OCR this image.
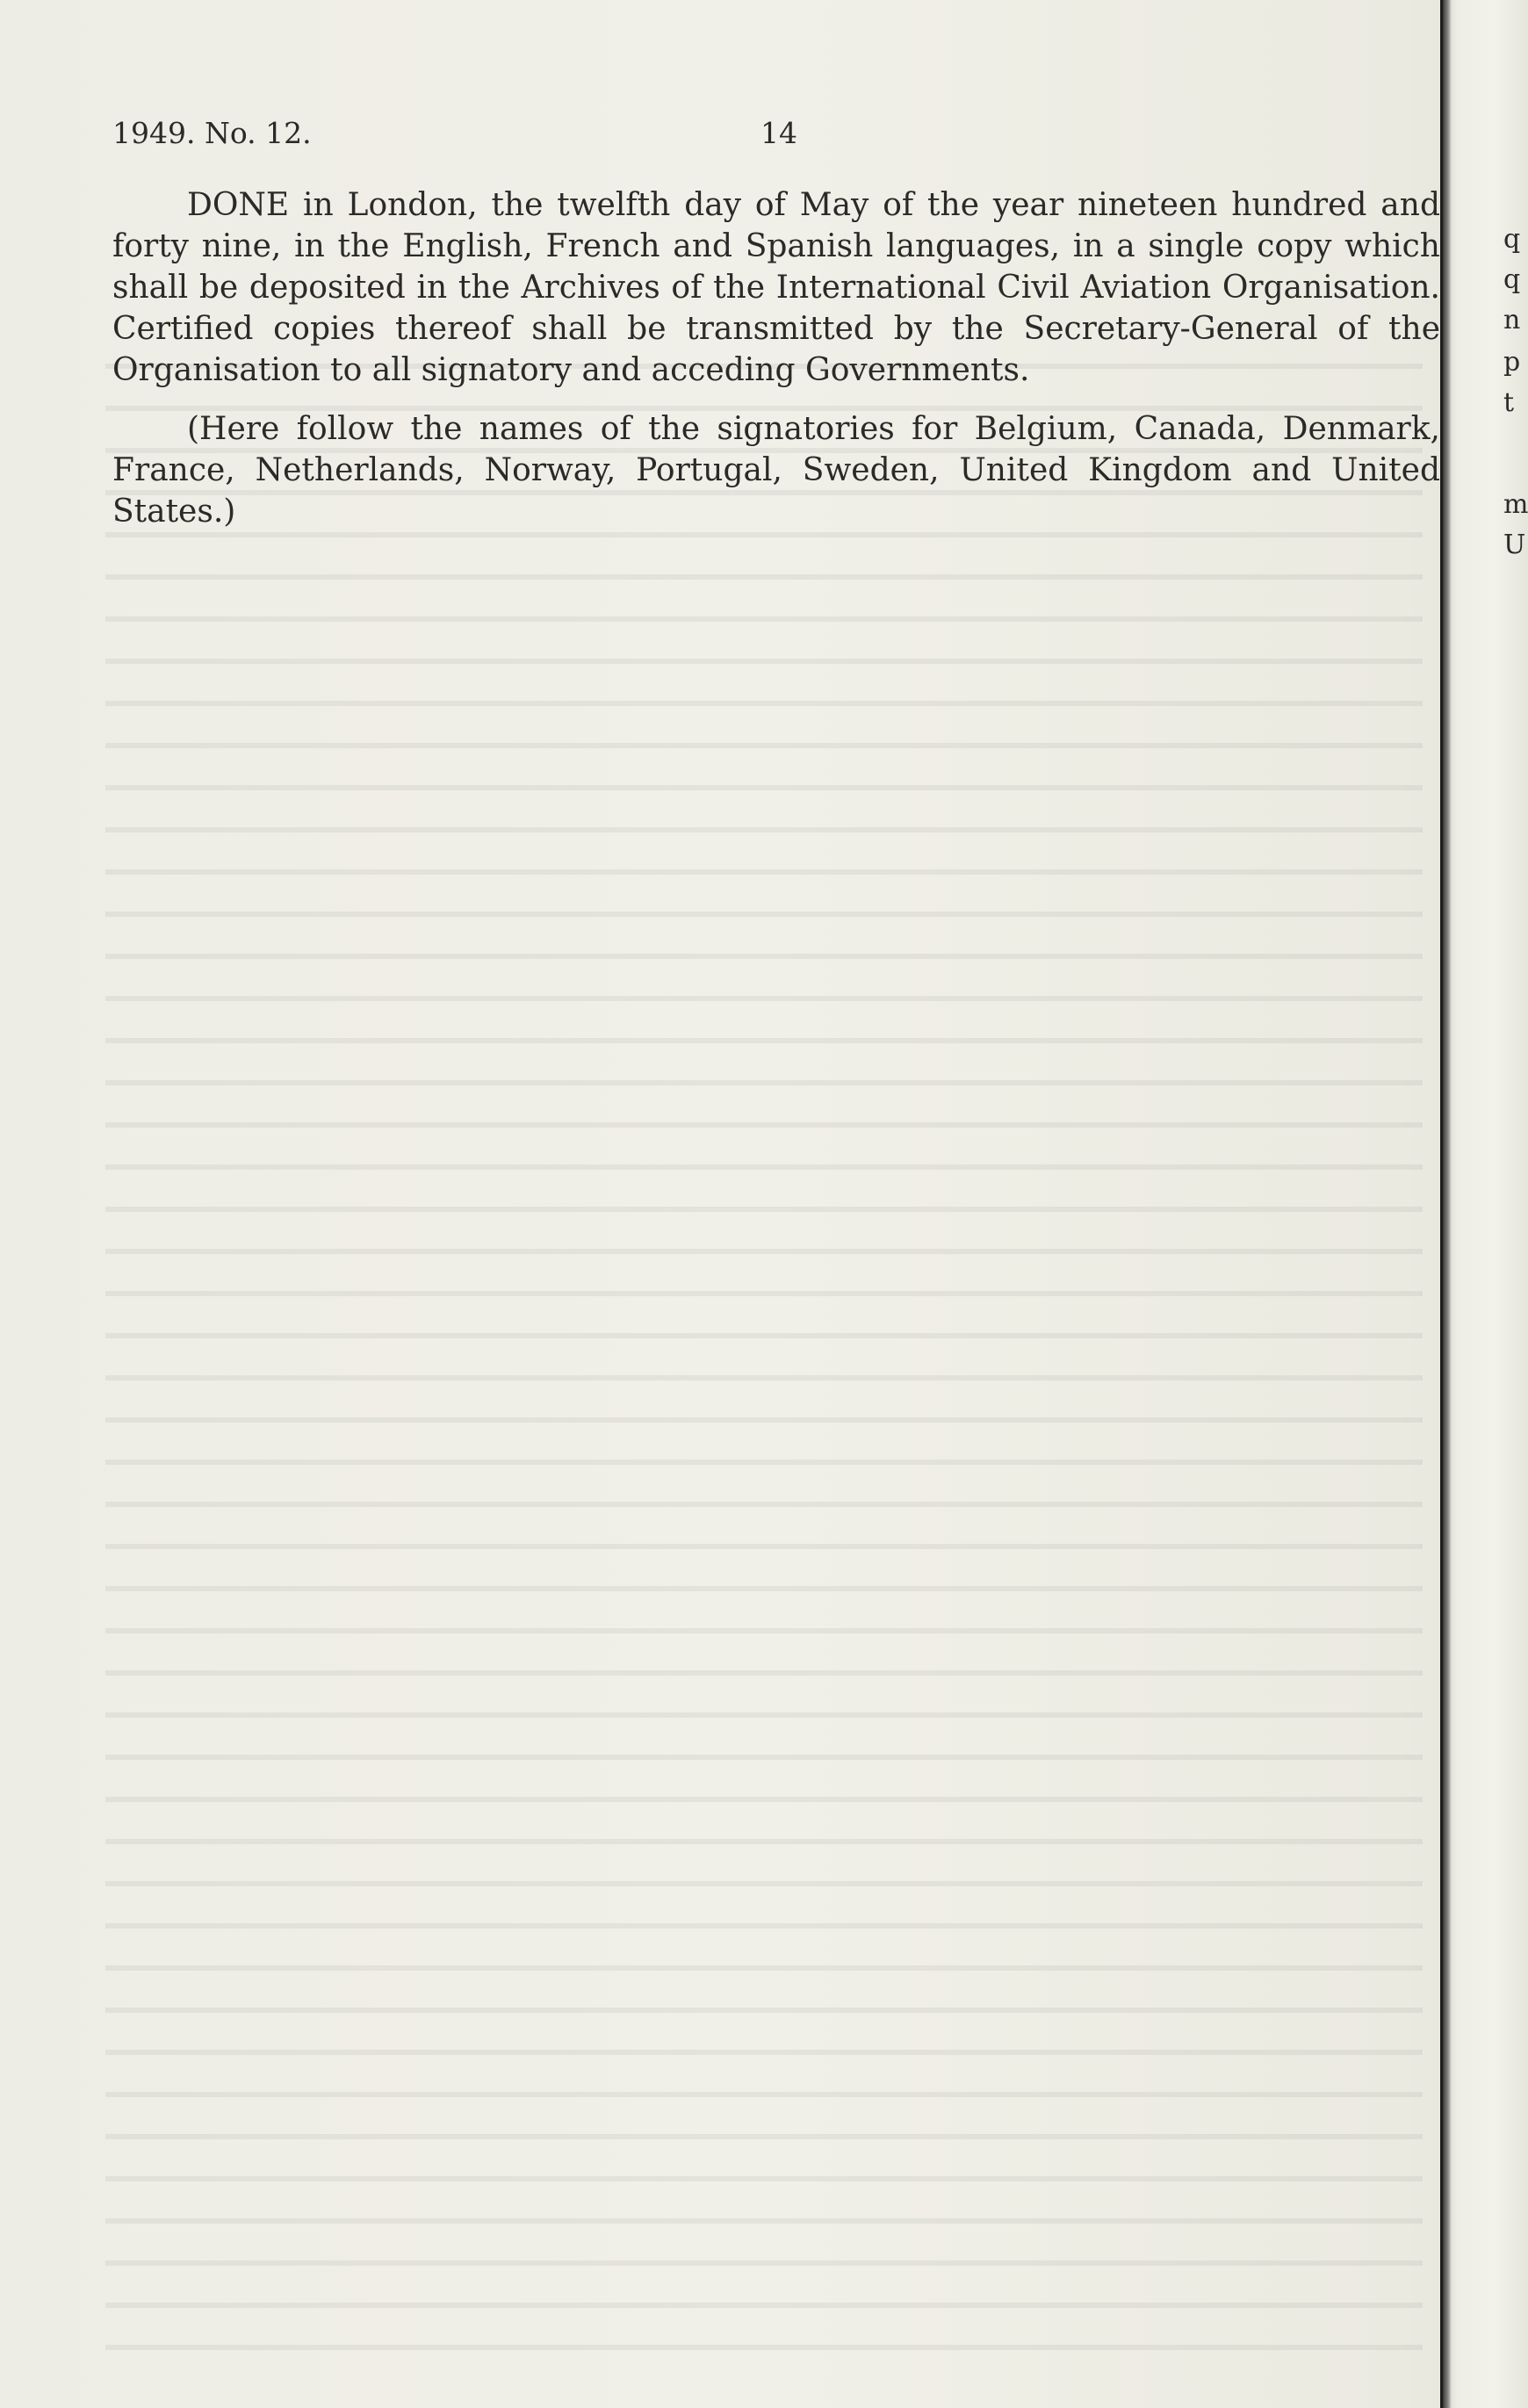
1949. No. 12.	14

DONE in London, the twelfth day of May of the year nineteen hundred and forty nine, in the English, French and Spanish languages, in a single copy which shall be deposited in the Archives of the International Civil Aviation Organisation. Certified copies thereof shall be transmitted by the Secretary-General of the Organisation to all signatory and acceding Governments.

(Here follow the names of the signatories for Belgium, Canada, Denmark, France, Netherlands, Norway, Portugal, Sweden, United Kingdom and United States.)

q
q
n
p
t
m
U
